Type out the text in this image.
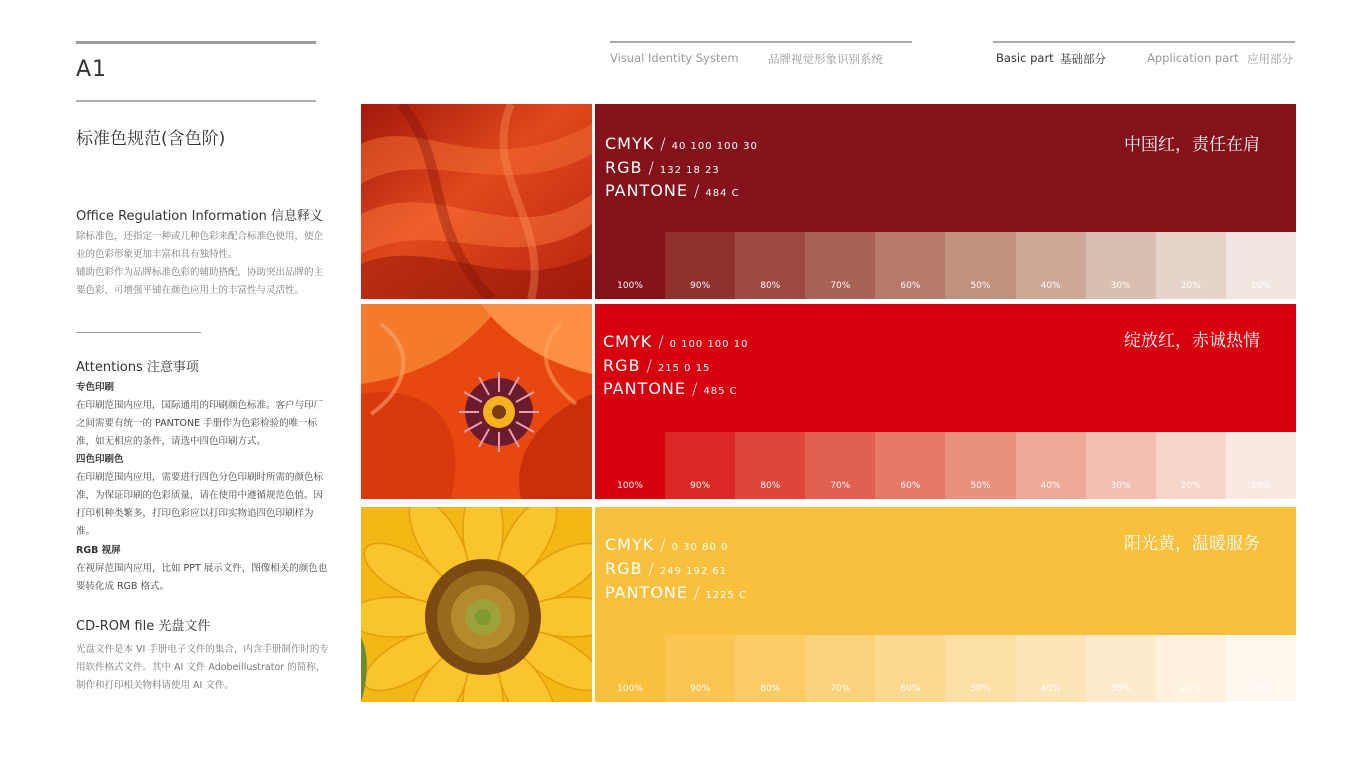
A1	Visual Identity System	品牌视觉形象识别系统	Basic part 基础部分	Application part 应用部分
标准色规范(含色阶)
Office Regulation Information 信息释义
除标准色，还指定一种或几种色彩来配合标准色使用，使企业的色彩形象更加丰富和具有独特性。
辅助色彩作为品牌标准色彩的辅助搭配，协助突出品牌的主要色彩，可增强平铺在颜色应用上的丰富性与灵活性。
Attentions 注意事项
专色印刷
在印刷范围内应用，国际通用的印刷颜色标准。客户与印厂之间需要有统一的 PANTONE 手册作为色彩检验的唯一标准，如无相应的条件，请选中四色印刷方式。
四色印刷色
在印刷范围内应用，需要进行四色分色印刷时所需的颜色标准，为保证印刷的色彩质量，请在使用中遵循规范色值。因打印机种类繁多，打印色彩应以打印实物追四色印刷样为准。
RGB 视屏
在视屏范围内应用，比如 PPT 展示文件，图像相关的颜色也要转化成 RGB 格式。
CD-ROM file 光盘文件
光盘文件是本 VI 手册电子文件的集合，内含手册制作时的专用软件格式文件。其中 AI 文件 Adobeillustrator 的简称，制作和打印相关物料请使用 AI 文件。
CMYK / 40 100 100 30
RGB / 132 18 23
PANTONE / 484 C
中国红，责任在肩
100%	90%	80%	70%	60%	50%	40%	30%	20%	10%
CMYK / 0 100 100 10
RGB / 215 0 15
PANTONE / 485 C
绽放红，赤诚热情
100%	90%	80%	70%	60%	50%	40%	30%	20%	10%
CMYK / 0 30 80 0
RGB / 249 192 61
PANTONE / 1225 C
阳光黄，温暖服务
100%	90%	80%	70%	60%	50%	40%	30%	20%	10%
